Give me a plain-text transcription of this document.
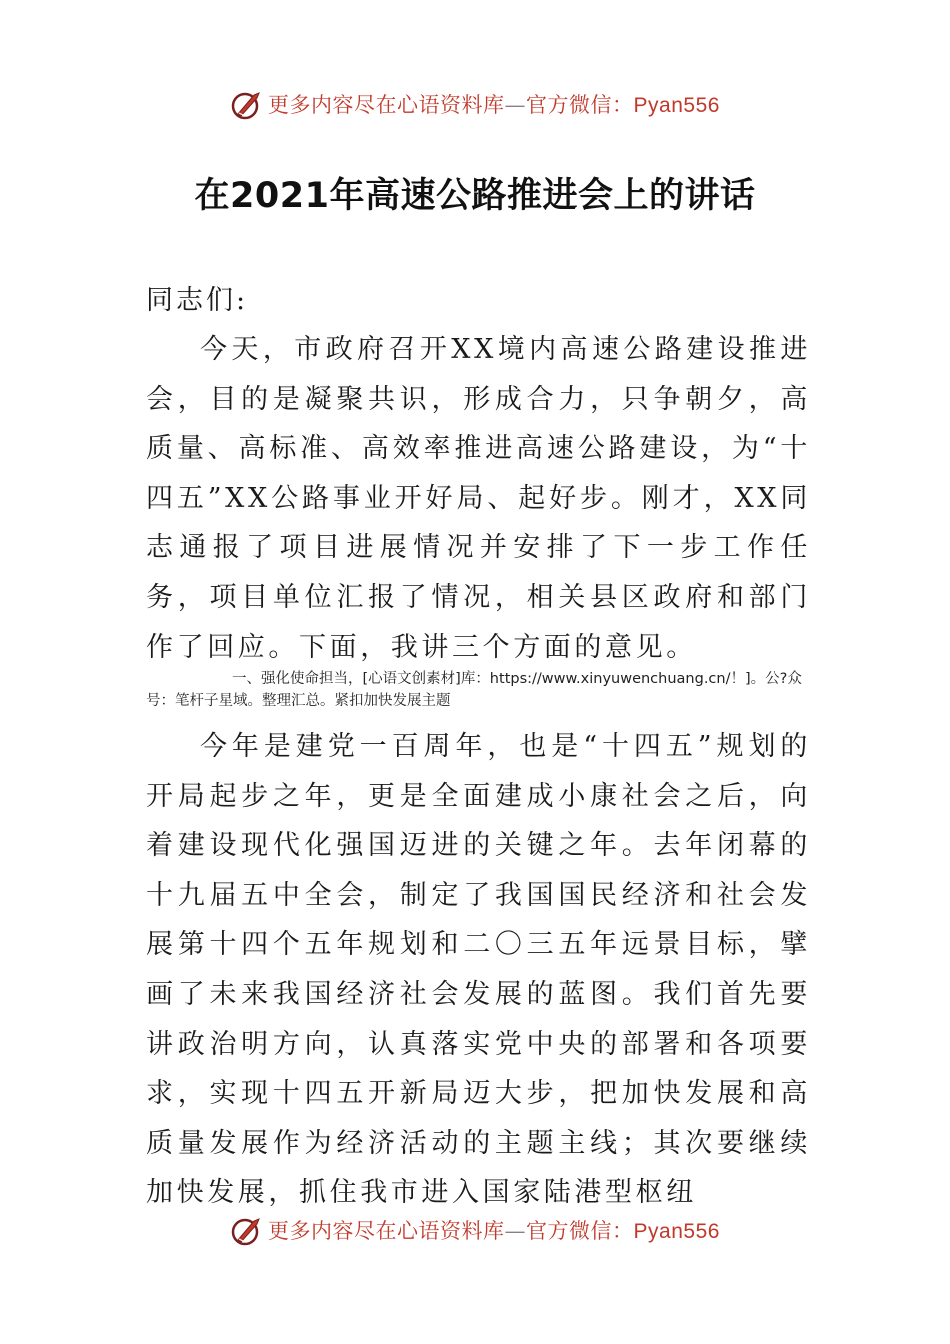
更多内容尽在心语资料库—官方微信：Pyan556
在2021年高速公路推进会上的讲话
同志们:
今天，市政府召开XX境内高速公路建设推进会，目的是凝聚共识，形成合力，只争朝夕，高质量、高标准、高效率推进高速公路建设，为“十四五”XX公路事业开好局、起好步。刚才，XX同志通报了项目进展情况并安排了下一步工作任务，项目单位汇报了情况，相关县区政府和部门作了回应。下面，我讲三个方面的意见。
一、强化使命担当，[心语文创素材]库：https://www.xinyuwenchuang.cn/！]。公?众号：笔杆子星域。整理汇总。紧扣加快发展主题
今年是建党一百周年，也是“十四五”规划的开局起步之年，更是全面建成小康社会之后，向着建设现代化强国迈进的关键之年。去年闭幕的十九届五中全会，制定了我国国民经济和社会发展第十四个五年规划和二〇三五年远景目标，擘画了未来我国经济社会发展的蓝图。我们首先要讲政治明方向，认真落实党中央的部署和各项要求，实现十四五开新局迈大步，把加快发展和高质量发展作为经济活动的主题主线；其次要继续加快发展，抓住我市进入国家陆港型枢纽
更多内容尽在心语资料库—官方微信：Pyan556
